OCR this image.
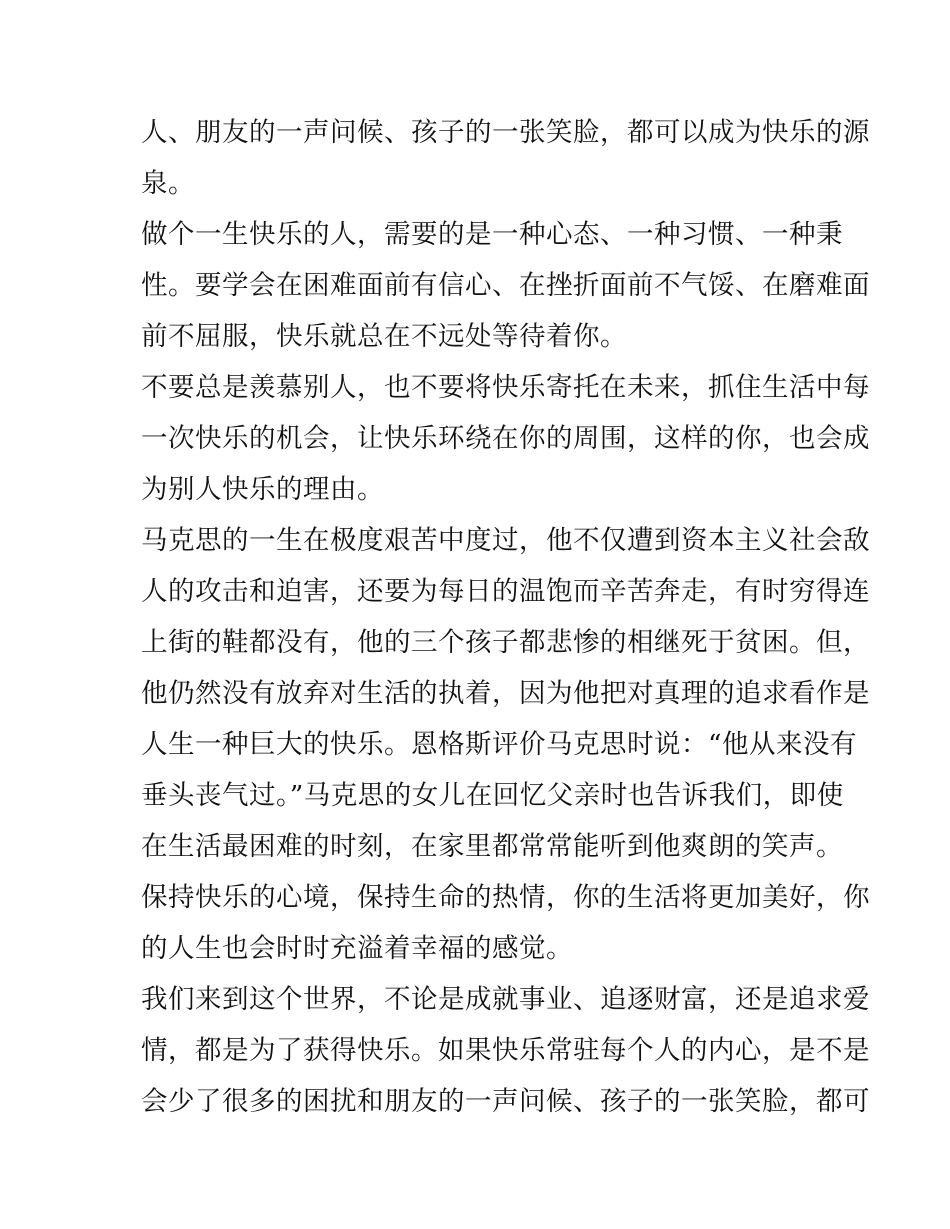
人、朋友的一声问候、孩子的一张笑脸，都可以成为快乐的源
泉。
做个一生快乐的人，需要的是一种心态、一种习惯、一种秉
性。要学会在困难面前有信心、在挫折面前不气馁、在磨难面
前不屈服，快乐就总在不远处等待着你。
不要总是羡慕别人，也不要将快乐寄托在未来，抓住生活中每
一次快乐的机会，让快乐环绕在你的周围，这样的你，也会成
为别人快乐的理由。
马克思的一生在极度艰苦中度过，他不仅遭到资本主义社会敌
人的攻击和迫害，还要为每日的温饱而辛苦奔走，有时穷得连
上街的鞋都没有，他的三个孩子都悲惨的相继死于贫困。但，
他仍然没有放弃对生活的执着，因为他把对真理的追求看作是
人生一种巨大的快乐。恩格斯评价马克思时说：“他从来没有
垂头丧气过。”马克思的女儿在回忆父亲时也告诉我们，即使
在生活最困难的时刻，在家里都常常能听到他爽朗的笑声。
保持快乐的心境，保持生命的热情，你的生活将更加美好，你
的人生也会时时充溢着幸福的感觉。
我们来到这个世界，不论是成就事业、追逐财富，还是追求爱
情，都是为了获得快乐。如果快乐常驻每个人的内心，是不是
会少了很多的困扰和朋友的一声问候、孩子的一张笑脸，都可
